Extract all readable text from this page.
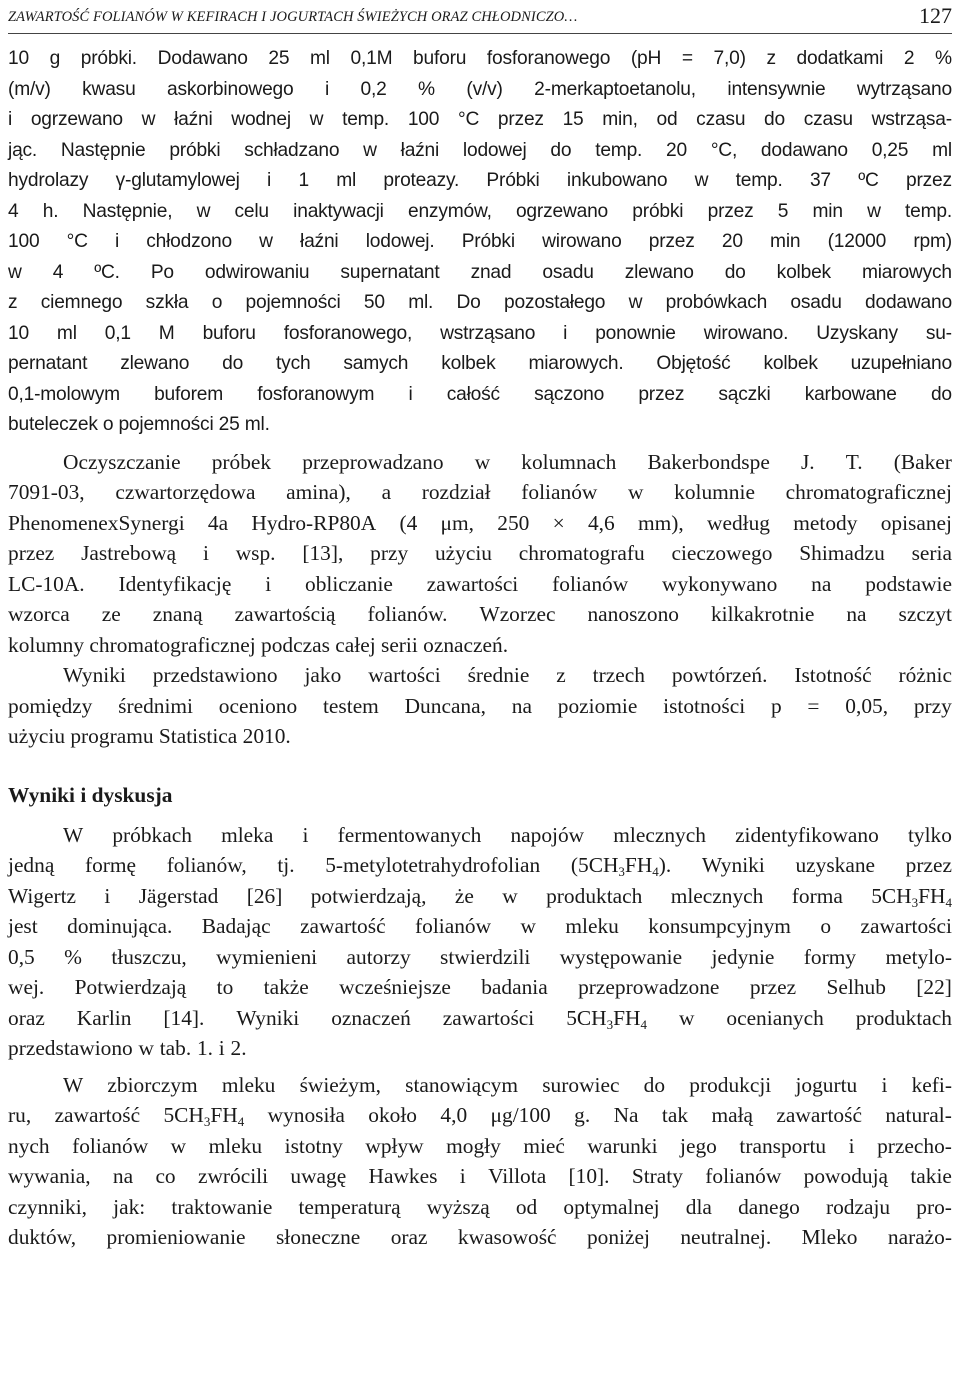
ZAWARTOŚĆ FOLIANÓW W KEFIRACH I JOGURTACH ŚWIEŻYCH ORAZ CHŁODNICZO…	127
10 g próbki. Dodawano 25 ml 0,1M buforu fosforanowego (pH = 7,0) z dodatkami 2 %
(m/v) kwasu askorbinowego i 0,2 % (v/v) 2-merkaptoetanolu, intensywnie wytrząsano
i ogrzewano w łaźni wodnej w temp. 100 °C przez 15 min, od czasu do czasu wstrząsa-
jąc. Następnie próbki schładzano w łaźni lodowej do temp. 20 °C, dodawano 0,25 ml
hydrolazy γ-glutamylowej i 1 ml proteazy. Próbki inkubowano w temp. 37 ºC przez
4 h. Następnie, w celu inaktywacji enzymów, ogrzewano próbki przez 5 min w temp.
100 °C i chłodzono w łaźni lodowej. Próbki wirowano przez 20 min (12000 rpm)
w 4 ºC. Po odwirowaniu supernatant znad osadu zlewano do kolbek miarowych
z ciemnego szkła o pojemności 50 ml. Do pozostałego w probówkach osadu dodawano
10 ml 0,1 M buforu fosforanowego, wstrząsano i ponownie wirowano. Uzyskany su-
pernatant zlewano do tych samych kolbek miarowych. Objętość kolbek uzupełniano
0,1-molowym buforem fosforanowym i całość sączono przez sączki karbowane do
buteleczek o pojemności 25 ml.
Oczyszczanie próbek przeprowadzano w kolumnach Bakerbondspe J. T. (Baker
7091-03, czwartorzędowa amina), a rozdział folianów w kolumnie chromatograficznej
PhenomenexSynergi 4a Hydro-RP80A (4 μm, 250 × 4,6 mm), według metody opisanej
przez Jastrebową i wsp. [13], przy użyciu chromatografu cieczowego Shimadzu seria
LC-10A. Identyfikację i obliczanie zawartości folianów wykonywano na podstawie
wzorca ze znaną zawartością folianów. Wzorzec nanoszono kilkakrotnie na szczyt
kolumny chromatograficznej podczas całej serii oznaczeń.
Wyniki przedstawiono jako wartości średnie z trzech powtórzeń. Istotność różnic
pomiędzy średnimi oceniono testem Duncana, na poziomie istotności p = 0,05, przy
użyciu programu Statistica 2010.
Wyniki i dyskusja
W próbkach mleka i fermentowanych napojów mlecznych zidentyfikowano tylko
jedną formę folianów, tj. 5-metylotetrahydrofolian $(5CH_3FH_4)$. Wyniki uzyskane przez
Wigertz i Jägerstad [26] potwierdzają, że w produktach mlecznych forma $5CH_3FH_4$
jest dominująca. Badając zawartość folianów w mleku konsumpcyjnym o zawartości
0,5 % tłuszczu, wymienieni autorzy stwierdzili występowanie jedynie formy metylo-
wej. Potwierdzają to także wcześniejsze badania przeprowadzone przez Selhub [22]
oraz Karlin [14]. Wyniki oznaczeń zawartości $5CH_3FH_4$ w ocenianych produktach
przedstawiono w tab. 1. i 2.
W zbiorczym mleku świeżym, stanowiącym surowiec do produkcji jogurtu i kefi-
ru, zawartość $5CH_3FH_4$ wynosiła około 4,0 μg/100 g. Na tak małą zawartość natural-
nych folianów w mleku istotny wpływ mogły mieć warunki jego transportu i przecho-
wywania, na co zwrócili uwagę Hawkes i Villota [10]. Straty folianów powodują takie
czynniki, jak: traktowanie temperaturą wyższą od optymalnej dla danego rodzaju pro-
duktów, promieniowanie słoneczne oraz kwasowość poniżej neutralnej. Mleko narażo-
